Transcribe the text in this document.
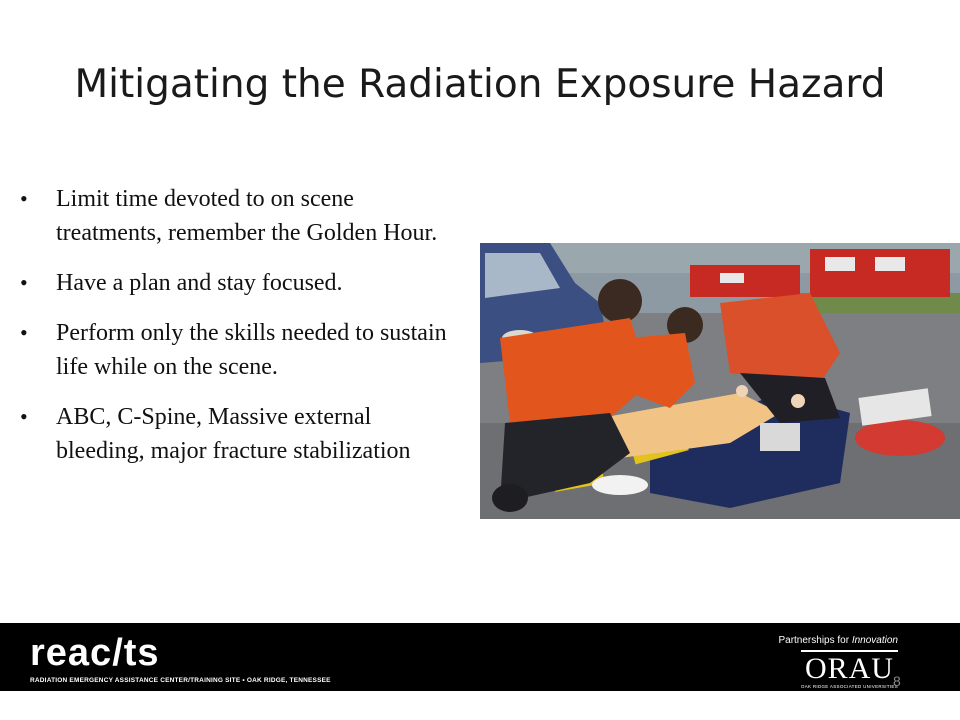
Mitigating the Radiation Exposure Hazard
• Limit time devoted to on scene treatments, remember the Golden Hour.
• Have a plan and stay focused.
• Perform only the skills needed to sustain life while on the scene.
• ABC, C-Spine, Massive external bleeding, major fracture stabilization
reac/ts
RADIATION EMERGENCY ASSISTANCE CENTER/TRAINING SITE • OAK RIDGE, TENNESSEE
Partnerships for Innovation
ORAU
OAK RIDGE ASSOCIATED UNIVERSITIES
8
